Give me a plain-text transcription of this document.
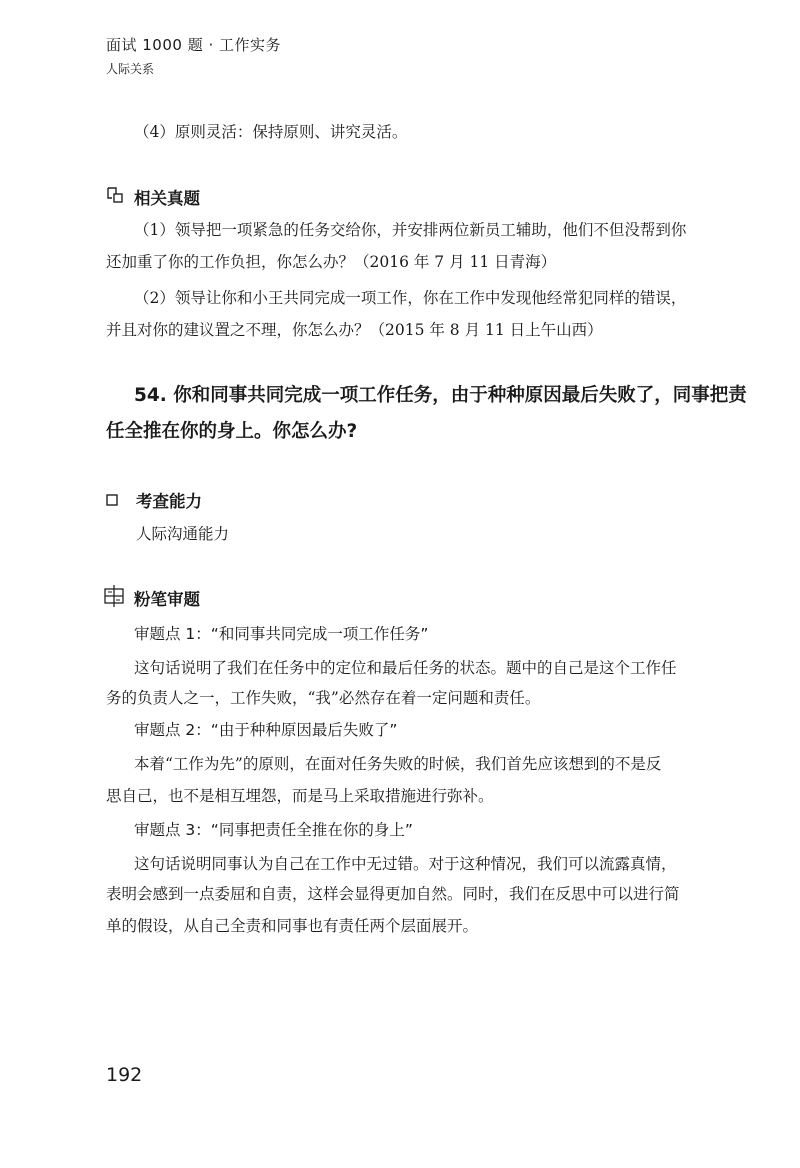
面试 1000 题 · 工作实务
人际关系
（4）原则灵活：保持原则、讲究灵活。
相关真题
（1）领导把一项紧急的任务交给你，并安排两位新员工辅助，他们不但没帮到你
还加重了你的工作负担，你怎么办？（2016 年 7 月 11 日青海）
（2）领导让你和小王共同完成一项工作，你在工作中发现他经常犯同样的错误，
并且对你的建议置之不理，你怎么办？（2015 年 8 月 11 日上午山西）
54. 你和同事共同完成一项工作任务，由于种种原因最后失败了，同事把责
任全推在你的身上。你怎么办?
考查能力
人际沟通能力
粉笔审题
审题点 1：“和同事共同完成一项工作任务”
这句话说明了我们在任务中的定位和最后任务的状态。题中的自己是这个工作任
务的负责人之一，工作失败，“我”必然存在着一定问题和责任。
审题点 2：“由于种种原因最后失败了”
本着“工作为先”的原则，在面对任务失败的时候，我们首先应该想到的不是反
思自己，也不是相互埋怨，而是马上采取措施进行弥补。
审题点 3：“同事把责任全推在你的身上”
这句话说明同事认为自己在工作中无过错。对于这种情况，我们可以流露真情，
表明会感到一点委屈和自责，这样会显得更加自然。同时，我们在反思中可以进行简
单的假设，从自己全责和同事也有责任两个层面展开。
192
